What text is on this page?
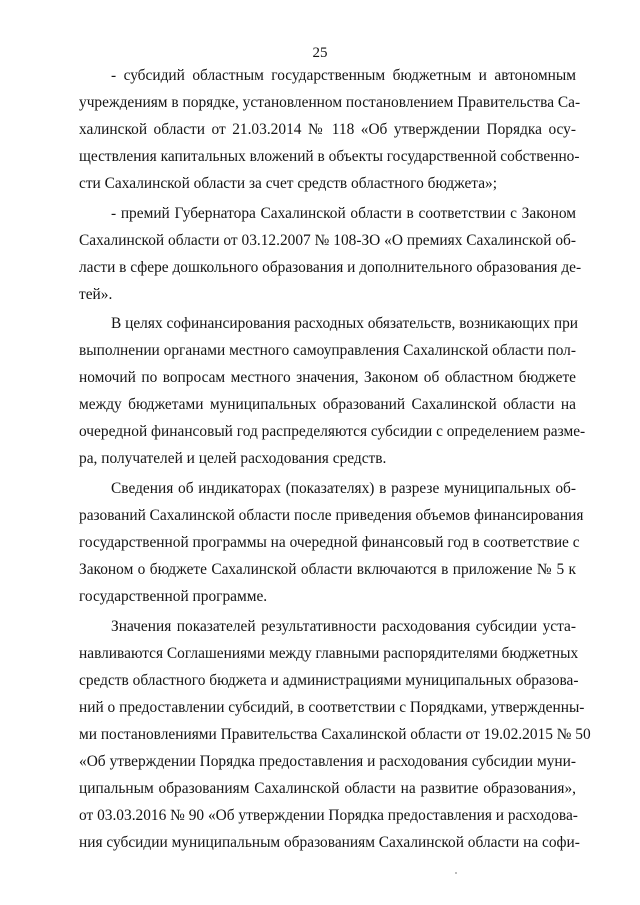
25
- субсидий областным государственным бюджетным и автономным
учреждениям в порядке, установленном постановлением Правительства Са-
халинской области от 21.03.2014 № 118 «Об утверждении Порядка осу-
ществления капитальных вложений в объекты государственной собственно-
сти Сахалинской области за счет средств областного бюджета»;
- премий Губернатора Сахалинской области в соответствии с Законом
Сахалинской области от 03.12.2007 № 108-ЗО «О премиях Сахалинской об-
ласти в сфере дошкольного образования и дополнительного образования де-
тей».
В целях софинансирования расходных обязательств, возникающих при
выполнении органами местного самоуправления Сахалинской области пол-
номочий по вопросам местного значения, Законом об областном бюджете
между бюджетами муниципальных образований Сахалинской области на
очередной финансовый год распределяются субсидии с определением разме-
ра, получателей и целей расходования средств.
Сведения об индикаторах (показателях) в разрезе муниципальных об-
разований Сахалинской области после приведения объемов финансирования
государственной программы на очередной финансовый год в соответствие с
Законом о бюджете Сахалинской области включаются в приложение № 5 к
государственной программе.
Значения показателей результативности расходования субсидии уста-
навливаются Соглашениями между главными распорядителями бюджетных
средств областного бюджета и администрациями муниципальных образова-
ний о предоставлении субсидий, в соответствии с Порядками, утвержденны-
ми постановлениями Правительства Сахалинской области от 19.02.2015 № 50
«Об утверждении Порядка предоставления и расходования субсидии муни-
ципальным образованиям Сахалинской области на развитие образования»,
от 03.03.2016 № 90 «Об утверждении Порядка предоставления и расходова-
ния субсидии муниципальным образованиям Сахалинской области на софи-
